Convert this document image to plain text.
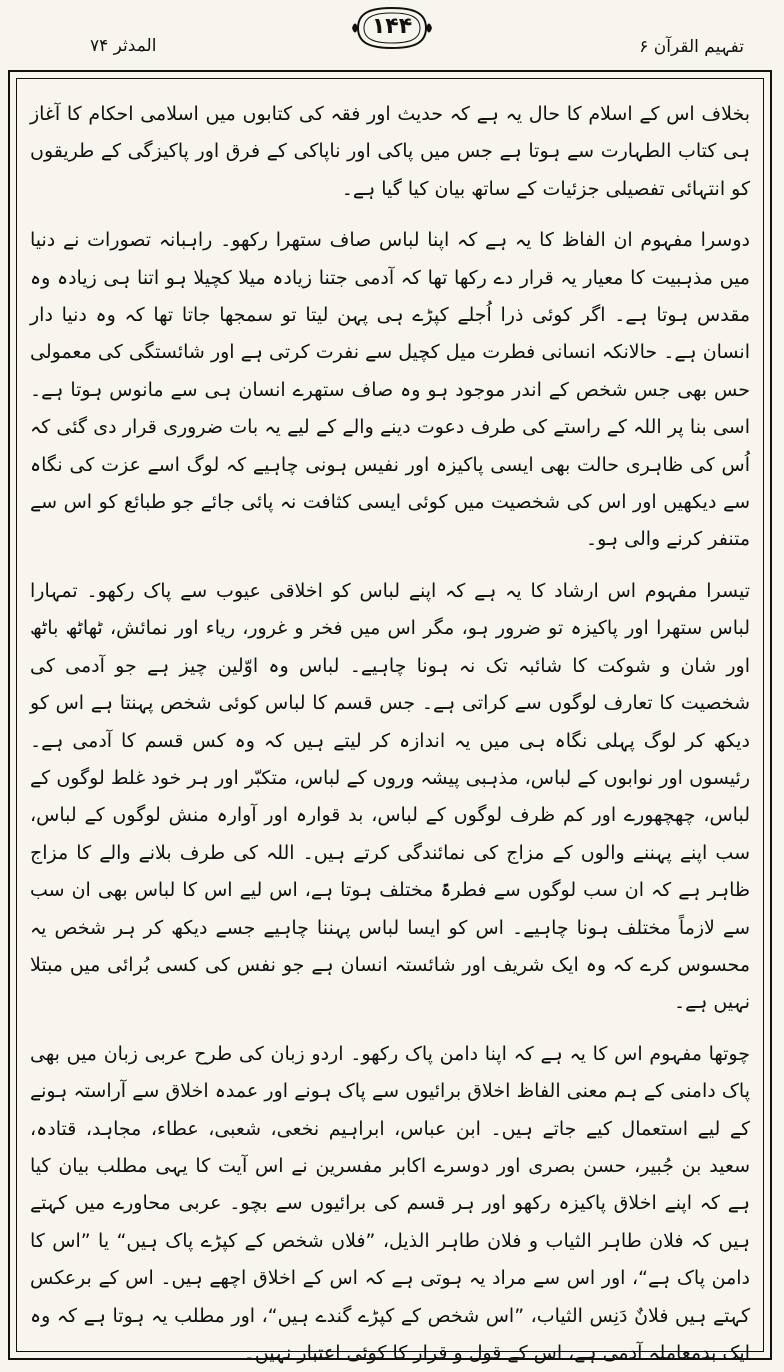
المدثر ۷۴
۱۴۴
تفہیم القرآن ۶

بخلاف اس کے اسلام کا حال یہ ہے کہ حدیث اور فقہ کی کتابوں میں اسلامی احکام کا آغاز ہی کتاب الطہارت سے ہوتا ہے جس میں پاکی اور ناپاکی کے فرق اور پاکیزگی کے طریقوں کو انتہائی تفصیلی جزئیات کے ساتھ بیان کیا گیا ہے۔

دوسرا مفہوم ان الفاظ کا یہ ہے کہ اپنا لباس صاف ستھرا رکھو۔ راہبانہ تصورات نے دنیا میں مذہبیت کا معیار یہ قرار دے رکھا تھا کہ آدمی جتنا زیادہ میلا کچیلا ہو اتنا ہی زیادہ وہ مقدس ہوتا ہے۔ اگر کوئی ذرا اُجلے کپڑے ہی پہن لیتا تو سمجھا جاتا تھا کہ وہ دنیا دار انسان ہے۔ حالانکہ انسانی فطرت میل کچیل سے نفرت کرتی ہے اور شائستگی کی معمولی حس بھی جس شخص کے اندر موجود ہو وہ صاف ستھرے انسان ہی سے مانوس ہوتا ہے۔ اسی بنا پر اللہ کے راستے کی طرف دعوت دینے والے کے لیے یہ بات ضروری قرار دی گئی کہ اُس کی ظاہری حالت بھی ایسی پاکیزہ اور نفیس ہونی چاہیے کہ لوگ اسے عزت کی نگاہ سے دیکھیں اور اس کی شخصیت میں کوئی ایسی کثافت نہ پائی جائے جو طبائع کو اس سے متنفر کرنے والی ہو۔

تیسرا مفہوم اس ارشاد کا یہ ہے کہ اپنے لباس کو اخلاقی عیوب سے پاک رکھو۔ تمہارا لباس ستھرا اور پاکیزہ تو ضرور ہو، مگر اس میں فخر و غرور، ریاء اور نمائش، ٹھاٹھ باٹھ اور شان و شوکت کا شائبہ تک نہ ہونا چاہیے۔ لباس وہ اوّلین چیز ہے جو آدمی کی شخصیت کا تعارف لوگوں سے کراتی ہے۔ جس قسم کا لباس کوئی شخص پہنتا ہے اس کو دیکھ کر لوگ پہلی نگاہ ہی میں یہ اندازہ کر لیتے ہیں کہ وہ کس قسم کا آدمی ہے۔ رئیسوں اور نوابوں کے لباس، مذہبی پیشہ وروں کے لباس، متکبّر اور ہر خود غلط لوگوں کے لباس، چھچھورے اور کم ظرف لوگوں کے لباس، بد قوارہ اور آوارہ منش لوگوں کے لباس، سب اپنے پہننے والوں کے مزاج کی نمائندگی کرتے ہیں۔ اللہ کی طرف بلانے والے کا مزاج ظاہر ہے کہ ان سب لوگوں سے فطرۃً مختلف ہوتا ہے، اس لیے اس کا لباس بھی ان سب سے لازماً مختلف ہونا چاہیے۔ اس کو ایسا لباس پہننا چاہیے جسے دیکھ کر ہر شخص یہ محسوس کرے کہ وہ ایک شریف اور شائستہ انسان ہے جو نفس کی کسی بُرائی میں مبتلا نہیں ہے۔

چوتھا مفہوم اس کا یہ ہے کہ اپنا دامن پاک رکھو۔ اردو زبان کی طرح عربی زبان میں بھی پاک دامنی کے ہم معنی الفاظ اخلاق برائیوں سے پاک ہونے اور عمدہ اخلاق سے آراستہ ہونے کے لیے استعمال کیے جاتے ہیں۔ ابن عباس، ابراہیم نخعی، شعبی، عطاء، مجاہد، قتادہ، سعید بن جُبیر، حسن بصری اور دوسرے اکابر مفسرین نے اس آیت کا یہی مطلب بیان کیا ہے کہ اپنے اخلاق پاکیزہ رکھو اور ہر قسم کی برائیوں سے بچو۔ عربی محاورے میں کہتے ہیں کہ فلان طاہر الثیاب و فلان طاہر الذیل، ”فلاں شخص کے کپڑے پاک ہیں“ یا ”اس کا دامن پاک ہے“، اور اس سے مراد یہ ہوتی ہے کہ اس کے اخلاق اچھے ہیں۔ اس کے برعکس کہتے ہیں فلانٌ دَنِس الثیاب، ”اس شخص کے کپڑے گندے ہیں“، اور مطلب یہ ہوتا ہے کہ وہ ایک بدمعاملہ آدمی ہے، اس کے قول و قرار کا کوئی اعتبار نہیں۔
